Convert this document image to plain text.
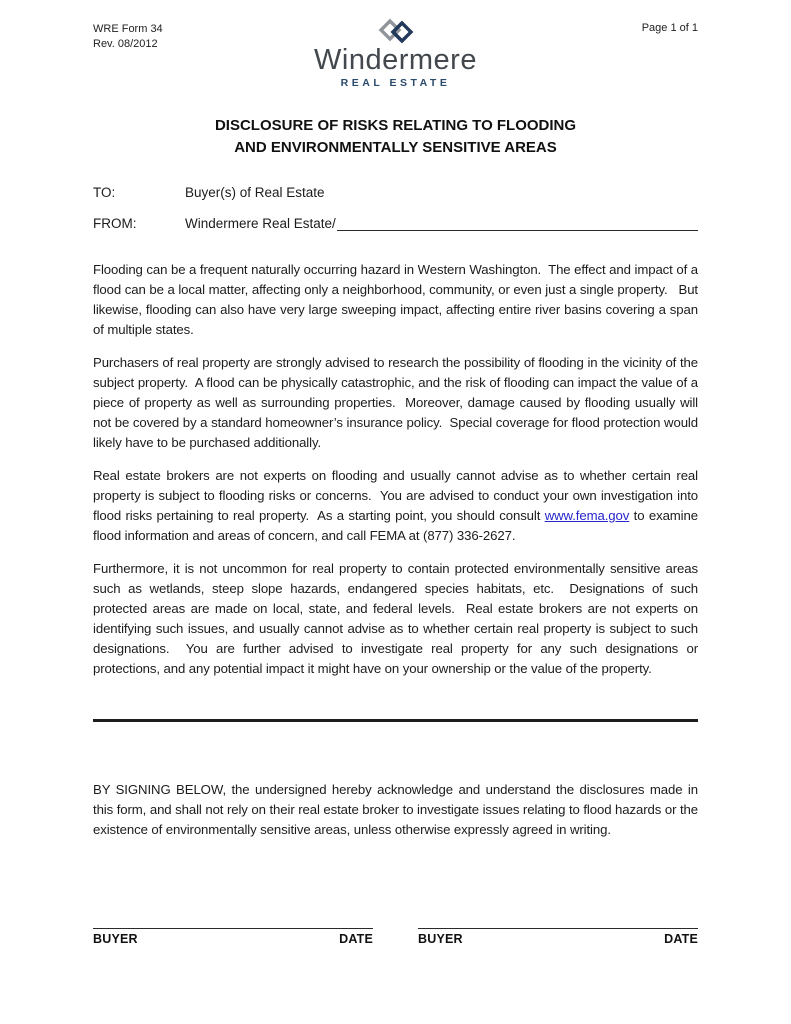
WRE Form 34
Rev. 08/2012	Windermere
REAL ESTATE
Page 1 of 1
DISCLOSURE OF RISKS RELATING TO FLOODING
AND ENVIRONMENTALLY SENSITIVE AREAS
TO:	Buyer(s) of Real Estate
FROM:	Windermere Real Estate/

Flooding can be a frequent naturally occurring hazard in Western Washington.  The effect and impact of a flood can be a local matter, affecting only a neighborhood, community, or even just a single property.   But likewise, flooding can also have very large sweeping impact, affecting entire river basins covering a span of multiple states.

Purchasers of real property are strongly advised to research the possibility of flooding in the vicinity of the subject property.  A flood can be physically catastrophic, and the risk of flooding can impact the value of a piece of property as well as surrounding properties.  Moreover, damage caused by flooding usually will not be covered by a standard homeowner’s insurance policy.  Special coverage for flood protection would likely have to be purchased additionally.

Real estate brokers are not experts on flooding and usually cannot advise as to whether certain real property is subject to flooding risks or concerns.  You are advised to conduct your own investigation into flood risks pertaining to real property.  As a starting point, you should consult www.fema.gov to examine flood information and areas of concern, and call FEMA at (877) 336-2627.

Furthermore, it is not uncommon for real property to contain protected environmentally sensitive areas such as wetlands, steep slope hazards, endangered species habitats, etc.  Designations of such protected areas are made on local, state, and federal levels.  Real estate brokers are not experts on identifying such issues, and usually cannot advise as to whether certain real property is subject to such designations.  You are further advised to investigate real property for any such designations or protections, and any potential impact it might have on your ownership or the value of the property.

BY SIGNING BELOW, the undersigned hereby acknowledge and understand the disclosures made in this form, and shall not rely on their real estate broker to investigate issues relating to flood hazards or the existence of environmentally sensitive areas, unless otherwise expressly agreed in writing.

BUYER	DATE	BUYER	DATE
